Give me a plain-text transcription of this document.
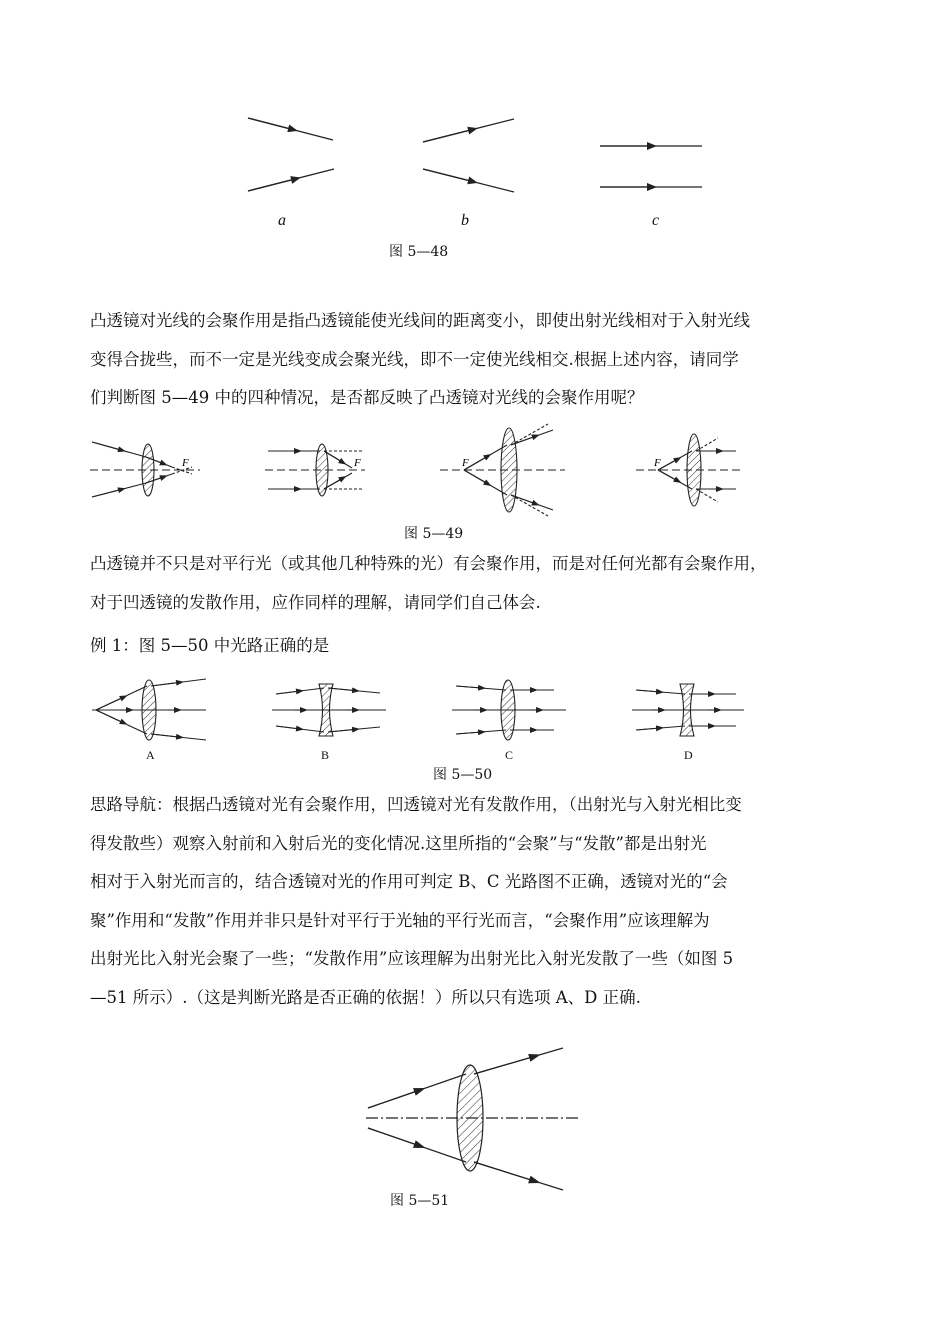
a	b	c
图 5—48
凸透镜对光线的会聚作用是指凸透镜能使光线间的距离变小，即使出射光线相对于入射光线
变得合拢些，而不一定是光线变成会聚光线，即不一定使光线相交.根据上述内容，请同学
们判断图 5—49 中的四种情况，是否都反映了凸透镜对光线的会聚作用呢？
F	F	F	F
图 5—49
凸透镜并不只是对平行光（或其他几种特殊的光）有会聚作用，而是对任何光都有会聚作用，
对于凹透镜的发散作用，应作同样的理解，请同学们自己体会.
例 1：图 5—50 中光路正确的是
A	B	C	D
图 5—50
思路导航：根据凸透镜对光有会聚作用，凹透镜对光有发散作用，（出射光与入射光相比变
得发散些）观察入射前和入射后光的变化情况.这里所指的“会聚”与“发散”都是出射光
相对于入射光而言的，结合透镜对光的作用可判定 B、C 光路图不正确，透镜对光的“会
聚”作用和“发散”作用并非只是针对平行于光轴的平行光而言，“会聚作用”应该理解为
出射光比入射光会聚了一些；“发散作用”应该理解为出射光比入射光发散了一些（如图 5
—51 所示）.（这是判断光路是否正确的依据！）所以只有选项 A、D 正确.
图 5—51
